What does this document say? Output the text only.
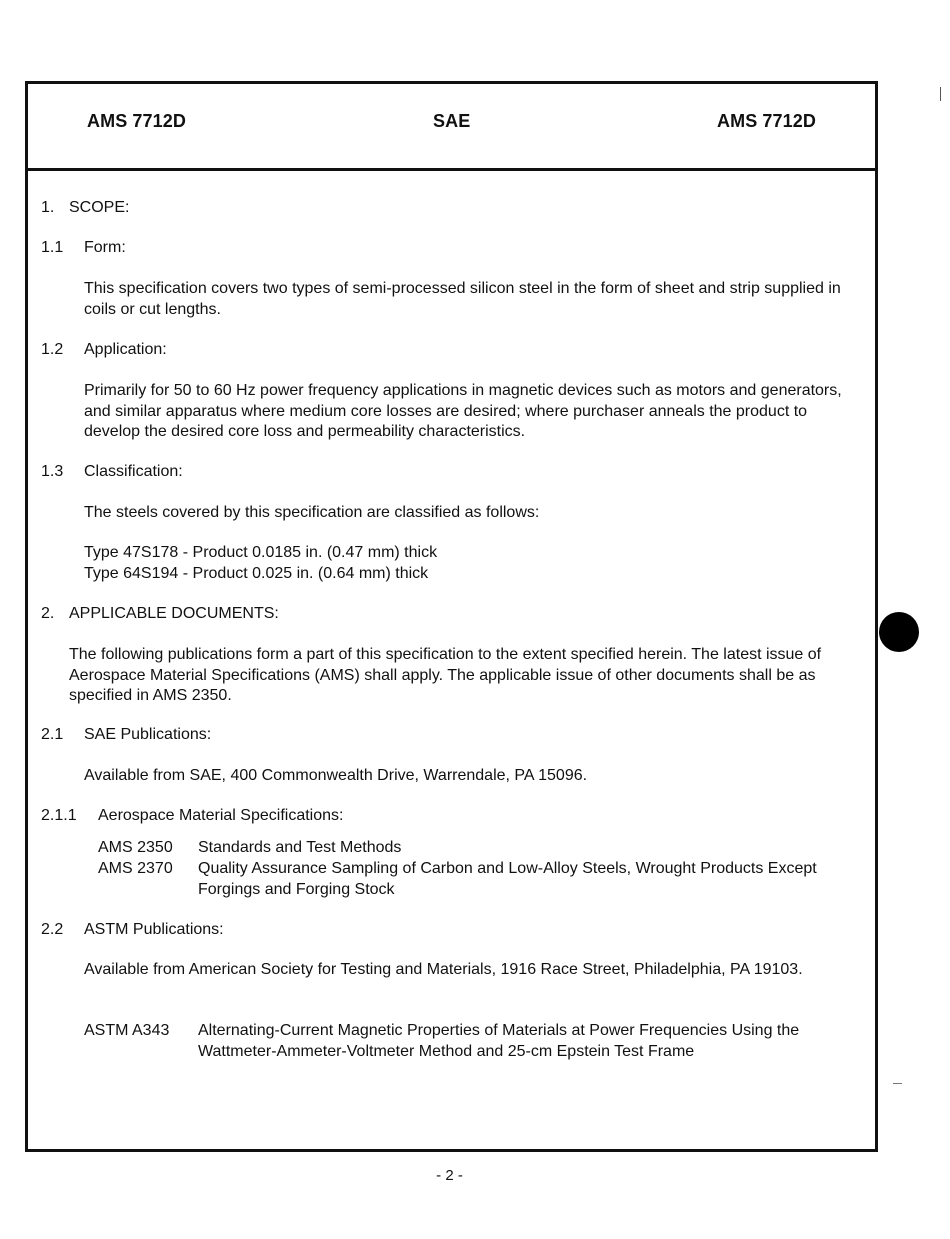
AMS 7712D	SAE	AMS 7712D
1. SCOPE:
1.1 Form:
This specification covers two types of semi-processed silicon steel in the form of sheet and strip supplied in coils or cut lengths.
1.2 Application:
Primarily for 50 to 60 Hz power frequency applications in magnetic devices such as motors and generators, and similar apparatus where medium core losses are desired; where purchaser anneals the product to develop the desired core loss and permeability characteristics.
1.3 Classification:
The steels covered by this specification are classified as follows:
Type 47S178 - Product 0.0185 in. (0.47 mm) thick
Type 64S194 - Product 0.025 in. (0.64 mm) thick
2. APPLICABLE DOCUMENTS:
The following publications form a part of this specification to the extent specified herein. The latest issue of Aerospace Material Specifications (AMS) shall apply. The applicable issue of other documents shall be as specified in AMS 2350.
2.1 SAE Publications:
Available from SAE, 400 Commonwealth Drive, Warrendale, PA 15096.
2.1.1 Aerospace Material Specifications:
AMS 2350 Standards and Test Methods
AMS 2370 Quality Assurance Sampling of Carbon and Low-Alloy Steels, Wrought Products Except Forgings and Forging Stock
2.2 ASTM Publications:
Available from American Society for Testing and Materials, 1916 Race Street, Philadelphia, PA 19103.
ASTM A343 Alternating-Current Magnetic Properties of Materials at Power Frequencies Using the Wattmeter-Ammeter-Voltmeter Method and 25-cm Epstein Test Frame
- 2 -
